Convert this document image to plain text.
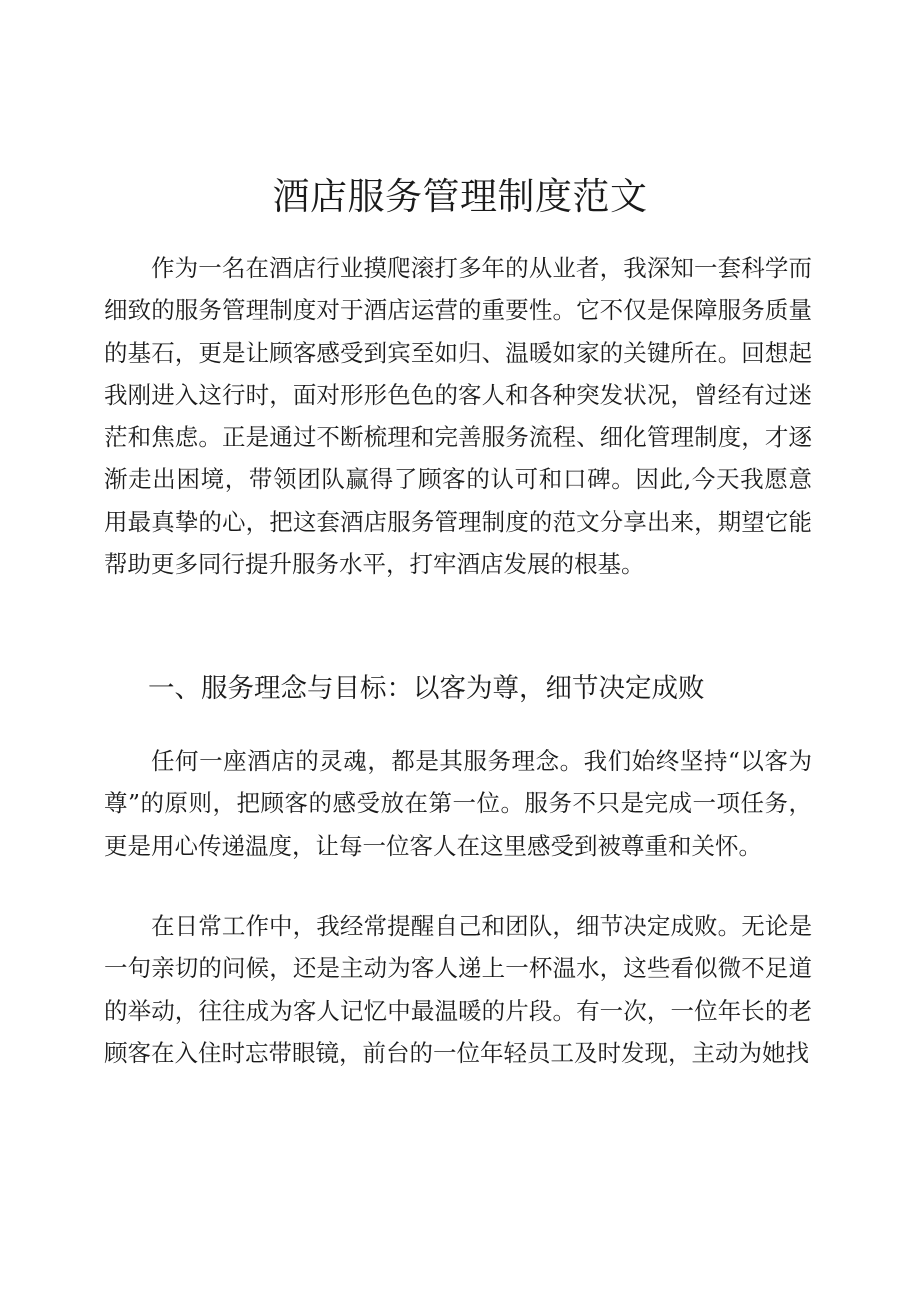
酒店服务管理制度范文

作为一名在酒店行业摸爬滚打多年的从业者，我深知一套科学而细致的服务管理制度对于酒店运营的重要性。它不仅是保障服务质量的基石，更是让顾客感受到宾至如归、温暖如家的关键所在。回想起我刚进入这行时，面对形形色色的客人和各种突发状况，曾经有过迷茫和焦虑。正是通过不断梳理和完善服务流程、细化管理制度，才逐渐走出困境，带领团队赢得了顾客的认可和口碑。因此,今天我愿意用最真挚的心，把这套酒店服务管理制度的范文分享出来，期望它能帮助更多同行提升服务水平，打牢酒店发展的根基。

一、服务理念与目标：以客为尊，细节决定成败

任何一座酒店的灵魂，都是其服务理念。我们始终坚持“以客为尊”的原则，把顾客的感受放在第一位。服务不只是完成一项任务，更是用心传递温度，让每一位客人在这里感受到被尊重和关怀。

在日常工作中，我经常提醒自己和团队，细节决定成败。无论是一句亲切的问候，还是主动为客人递上一杯温水，这些看似微不足道的举动，往往成为客人记忆中最温暖的片段。有一次，一位年长的老顾客在入住时忘带眼镜，前台的一位年轻员工及时发现，主动为她找
